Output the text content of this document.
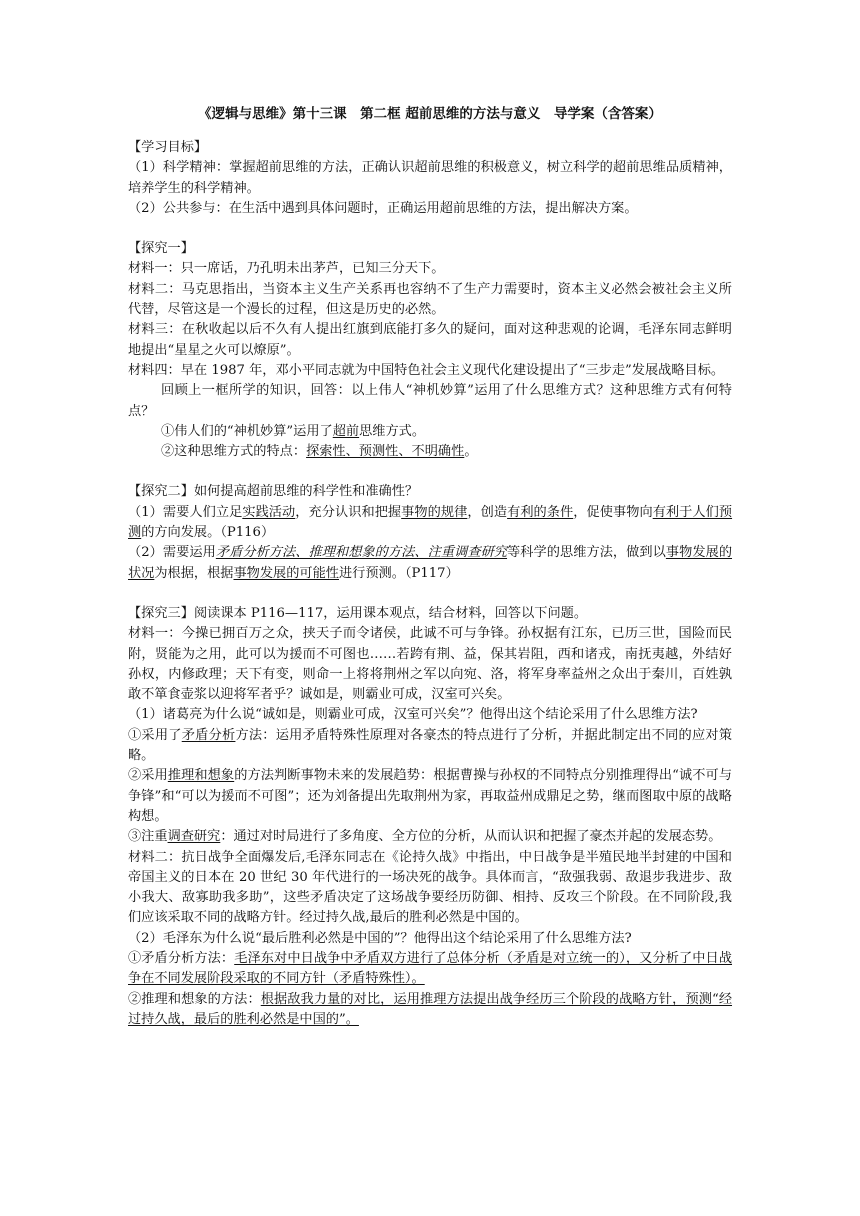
《逻辑与思维》第十三课　第二框 超前思维的方法与意义　导学案（含答案）

【学习目标】

（1）科学精神：掌握超前思维的方法，正确认识超前思维的积极意义，树立科学的超前思维品质精神，培养学生的科学精神。

（2）公共参与：在生活中遇到具体问题时，正确运用超前思维的方法，提出解决方案。

【探究一】

材料一：只一席话，乃孔明未出茅芦，已知三分天下。

材料二：马克思指出，当资本主义生产关系再也容纳不了生产力需要时，资本主义必然会被社会主义所代替，尽管这是一个漫长的过程，但这是历史的必然。

材料三：在秋收起以后不久有人提出红旗到底能打多久的疑问，面对这种悲观的论调，毛泽东同志鲜明地提出“星星之火可以燎原”。

材料四：早在 1987 年，邓小平同志就为中国特色社会主义现代化建设提出了“三步走”发展战略目标。

回顾上一框所学的知识，回答：以上伟人“神机妙算”运用了什么思维方式？这种思维方式有何特点？

①伟人们的“神机妙算”运用了超前思维方式。

②这种思维方式的特点：探索性、预测性、不明确性。

【探究二】如何提高超前思维的科学性和准确性？

（1）需要人们立足实践活动，充分认识和把握事物的规律，创造有利的条件，促使事物向有利于人们预测的方向发展。（P116）

（2）需要运用矛盾分析方法、推理和想象的方法、注重调查研究等科学的思维方法，做到以事物发展的状况为根据，根据事物发展的可能性进行预测。（P117）

【探究三】阅读课本 P116—117，运用课本观点，结合材料，回答以下问题。

材料一：今操已拥百万之众，挟天子而令诸侯，此诚不可与争锋。孙权据有江东，已历三世，国险而民附，贤能为之用，此可以为援而不可图也……若跨有荆、益，保其岩阻，西和诸戎，南抚夷越，外结好孙权，内修政理；天下有变，则命一上将将荆州之军以向宛、洛，将军身率益州之众出于秦川，百姓孰敢不箪食壶浆以迎将军者乎？诚如是，则霸业可成，汉室可兴矣。

（1）诸葛亮为什么说“诚如是，则霸业可成，汉室可兴矣”？他得出这个结论采用了什么思维方法?

①采用了矛盾分析方法：运用矛盾特殊性原理对各豪杰的特点进行了分析，并据此制定出不同的应对策略。

②采用推理和想象的方法判断事物未来的发展趋势：根据曹操与孙权的不同特点分别推理得出“诚不可与争锋”和“可以为援而不可图”；还为刘备提出先取荆州为家，再取益州成鼎足之势，继而图取中原的战略构想。

③注重调查研究：通过对时局进行了多角度、全方位的分析，从而认识和把握了豪杰并起的发展态势。

材料二：抗日战争全面爆发后,毛泽东同志在《论持久战》中指出，中日战争是半殖民地半封建的中国和帝国主义的日本在 20 世纪 30 年代进行的一场决死的战争。具体而言，“敌强我弱、敌退步我进步、敌小我大、敌寡助我多助”，这些矛盾决定了这场战争要经历防御、相持、反攻三个阶段。在不同阶段,我们应该采取不同的战略方针。经过持久战,最后的胜利必然是中国的。

（2）毛泽东为什么说“最后胜利必然是中国的”？他得出这个结论采用了什么思维方法?

①矛盾分析方法：毛泽东对中日战争中矛盾双方进行了总体分析（矛盾是对立统一的），又分析了中日战争在不同发展阶段采取的不同方针（矛盾特殊性）。

②推理和想象的方法：根据敌我力量的对比，运用推理方法提出战争经历三个阶段的战略方针，预测“经过持久战，最后的胜利必然是中国的”。
